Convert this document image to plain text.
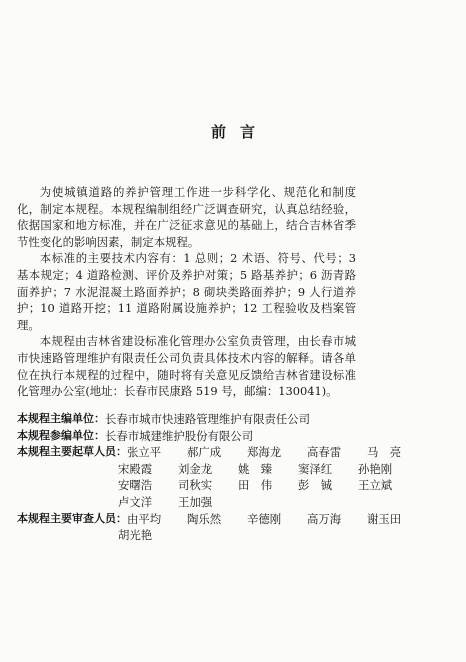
前 言

为使城镇道路的养护管理工作进一步科学化、规范化和制度化，制定本规程。本规程编制组经广泛调查研究，认真总结经验，依据国家和地方标准，并在广泛征求意见的基础上，结合吉林省季节性变化的影响因素，制定本规程。

本标准的主要技术内容有：1 总则；2 术语、符号、代号；3 基本规定；4 道路检测、评价及养护对策；5 路基养护；6 沥青路面养护；7 水泥混凝土路面养护；8 砌块类路面养护；9 人行道养护；10 道路开挖；11 道路附属设施养护；12 工程验收及档案管理。

本规程由吉林省建设标准化管理办公室负责管理，由长春市城市快速路管理维护有限责任公司负责具体技术内容的解释。请各单位在执行本规程的过程中，随时将有关意见反馈给吉林省建设标准化管理办公室(地址：长春市民康路 519 号，邮编：130041)。

本规程主编单位： 长春市城市快速路管理维护有限责任公司
本规程参编单位： 长春市城建维护股份有限公司
本规程主要起草人员： 张立平	郝广成	郑海龙	高春雷	马　亮
宋殿霞	刘金龙	姚　臻	窦泽红	孙艳刚
安曙浩	司秋实	田　伟	彭　铖	王立斌
卢文洋	王加强
本规程主要审查人员： 由平均	陶乐然	辛德刚	高万海	谢玉田
胡光艳
